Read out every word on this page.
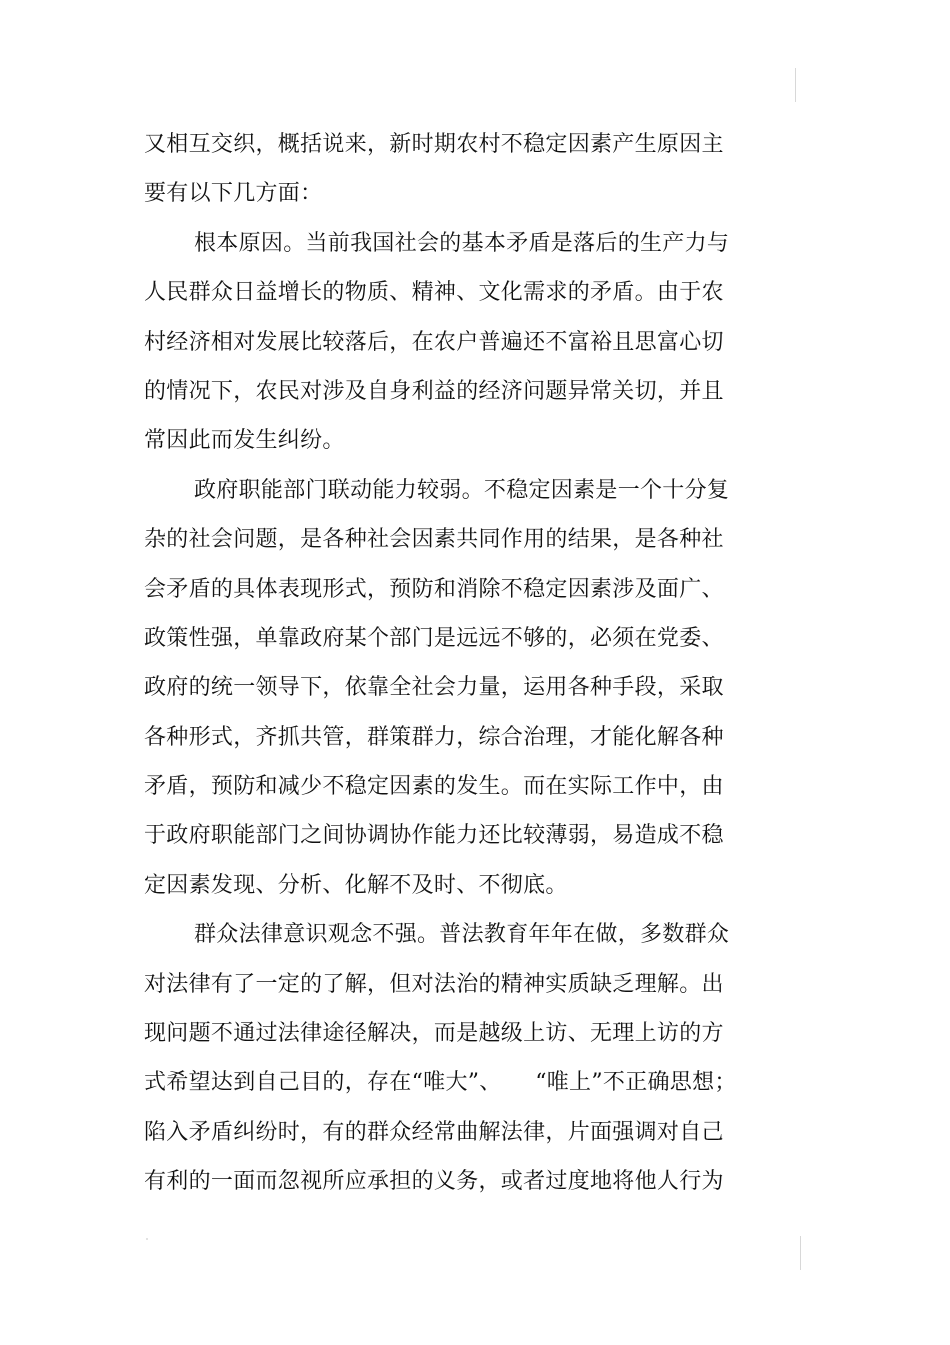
又相互交织，概括说来，新时期农村不稳定因素产生原因主
要有以下几方面：
根本原因。当前我国社会的基本矛盾是落后的生产力与
人民群众日益增长的物质、精神、文化需求的矛盾。由于农
村经济相对发展比较落后，在农户普遍还不富裕且思富心切
的情况下，农民对涉及自身利益的经济问题异常关切，并且
常因此而发生纠纷。
政府职能部门联动能力较弱。不稳定因素是一个十分复
杂的社会问题，是各种社会因素共同作用的结果，是各种社
会矛盾的具体表现形式，预防和消除不稳定因素涉及面广、
政策性强，单靠政府某个部门是远远不够的，必须在党委、
政府的统一领导下，依靠全社会力量，运用各种手段，采取
各种形式，齐抓共管，群策群力，综合治理，才能化解各种
矛盾，预防和减少不稳定因素的发生。而在实际工作中，由
于政府职能部门之间协调协作能力还比较薄弱，易造成不稳
定因素发现、分析、化解不及时、不彻底。
群众法律意识观念不强。普法教育年年在做，多数群众
对法律有了一定的了解，但对法治的精神实质缺乏理解。出
现问题不通过法律途径解决，而是越级上访、无理上访的方
式希望达到自己目的，存在“唯大”、　　“唯上”不正确思想；
陷入矛盾纠纷时，有的群众经常曲解法律，片面强调对自己
有利的一面而忽视所应承担的义务，或者过度地将他人行为
